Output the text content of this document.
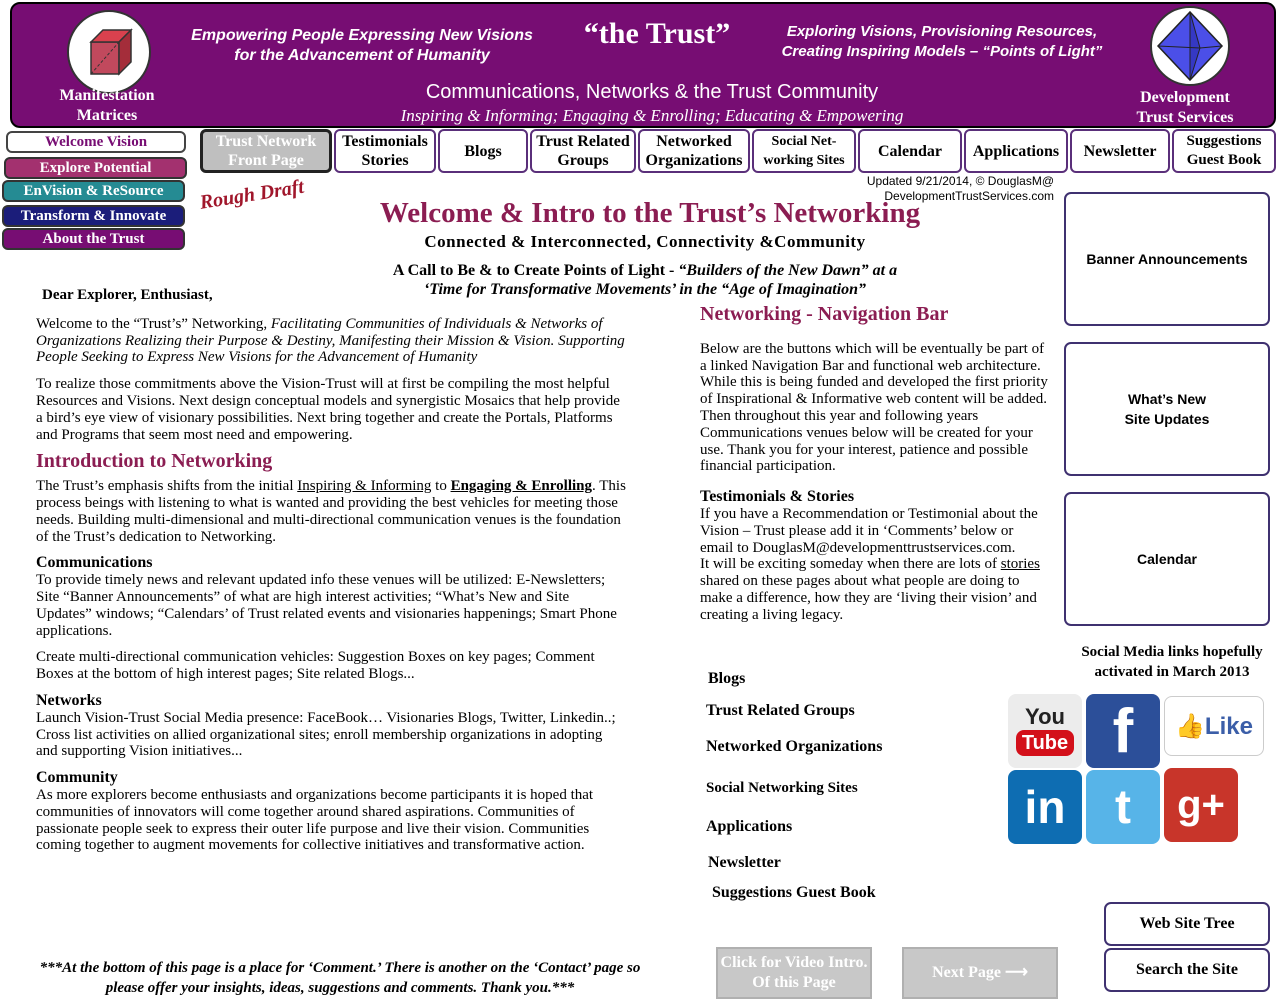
Manifestation
Matrices
Empowering People Expressing New Visions for the Advancement of Humanity
“the Trust”	Exploring Visions, Provisioning Resources, Creating Inspiring Models – “Points of Light”
Communications, Networks & the Trust Community
Inspiring & Informing; Engaging & Enrolling; Educating & Empowering
Development
Trust Services
Welcome Vision
Explore Potential
EnVision & ReSource
Transform & Innovate
About the Trust
Trust Network Front Page
Testimonials Stories
Blogs
Trust Related Groups
Networked Organizations
Social Net-working Sites
Calendar	Applications	Newsletter
Suggestions Guest Book
Updated 9/21/2014, © DouglasM@ DevelopmentTrustServices.com
Rough Draft	Welcome & Intro to the Trust’s Networking
Connected & Interconnected, Connectivity &Community
A Call to Be & to Create Points of Light - “Builders of the New Dawn” at a
‘Time for Transformative Movements’ in the “Age of Imagination”

Dear Explorer, Enthusiast,

Welcome to the “Trust’s” Networking, Facilitating Communities of Individuals & Networks of Organizations Realizing their Purpose & Destiny, Manifesting their Mission & Vision. Supporting People Seeking to Express New Visions for the Advancement of Humanity

To realize those commitments above the Vision-Trust will at first be compiling the most helpful Resources and Visions. Next design conceptual models and synergistic Mosaics that help provide a bird’s eye view of visionary possibilities. Next bring together and create the Portals, Platforms and Programs that seem most need and empowering.

Introduction to Networking

The Trust’s emphasis shifts from the initial Inspiring & Informing to Engaging & Enrolling. This process beings with listening to what is wanted and providing the best vehicles for meeting those needs. Building multi-dimensional and multi-directional communication venues is the foundation of the Trust’s dedication to Networking.

Communications

To provide timely news and relevant updated info these venues will be utilized: E-Newsletters; Site “Banner Announcements” of what are high interest activities; “What’s New and Site Updates” windows; “Calendars’ of Trust related events and visionaries happenings; Smart Phone applications.

Create multi-directional communication vehicles: Suggestion Boxes on key pages; Comment Boxes at the bottom of high interest pages; Site related Blogs...

Networks

Launch Vision-Trust Social Media presence: FaceBook… Visionaries Blogs, Twitter, Linkedin..; Cross list activities on allied organizational sites; enroll membership organizations in adopting and supporting Vision initiatives...

Community

As more explorers become enthusiasts and organizations become participants it is hoped that communities of innovators will come together around shared aspirations. Communities of passionate people seek to express their outer life purpose and live their vision. Communities coming together to augment movements for collective initiatives and transformative action.

***At the bottom of this page is a place for ‘Comment.’ There is another on the ‘Contact’ page so please offer your insights, ideas, suggestions and comments. Thank you.***
Networking - Navigation Bar

Below are the buttons which will be eventually be part of a linked Navigation Bar and functional web architecture. While this is being funded and developed the first priority of Inspirational & Informative web content will be added. Then throughout this year and following years Communications venues below will be created for your use. Thank you for your interest, patience and possible financial participation.

Testimonials & Stories

If you have a Recommendation or Testimonial about the Vision – Trust please add it in ‘Comments’ below or email to DouglasM@developmenttrustservices.com.

It will be exciting someday when there are lots of stories shared on these pages about what people are doing to make a difference, how they are ‘living their vision’ and creating a living legacy.

Blogs
Trust Related Groups
Networked Organizations
Social Networking Sites
Applications
Newsletter
Suggestions Guest Book
Banner Announcements
What’s New
Site Updates
Calendar
Social Media links hopefully activated in March 2013
You
Tube f	👍Like
in	t	g+
Web Site Tree
Search the Site
Click for Video Intro. Of this Page
Next Page ⟶
